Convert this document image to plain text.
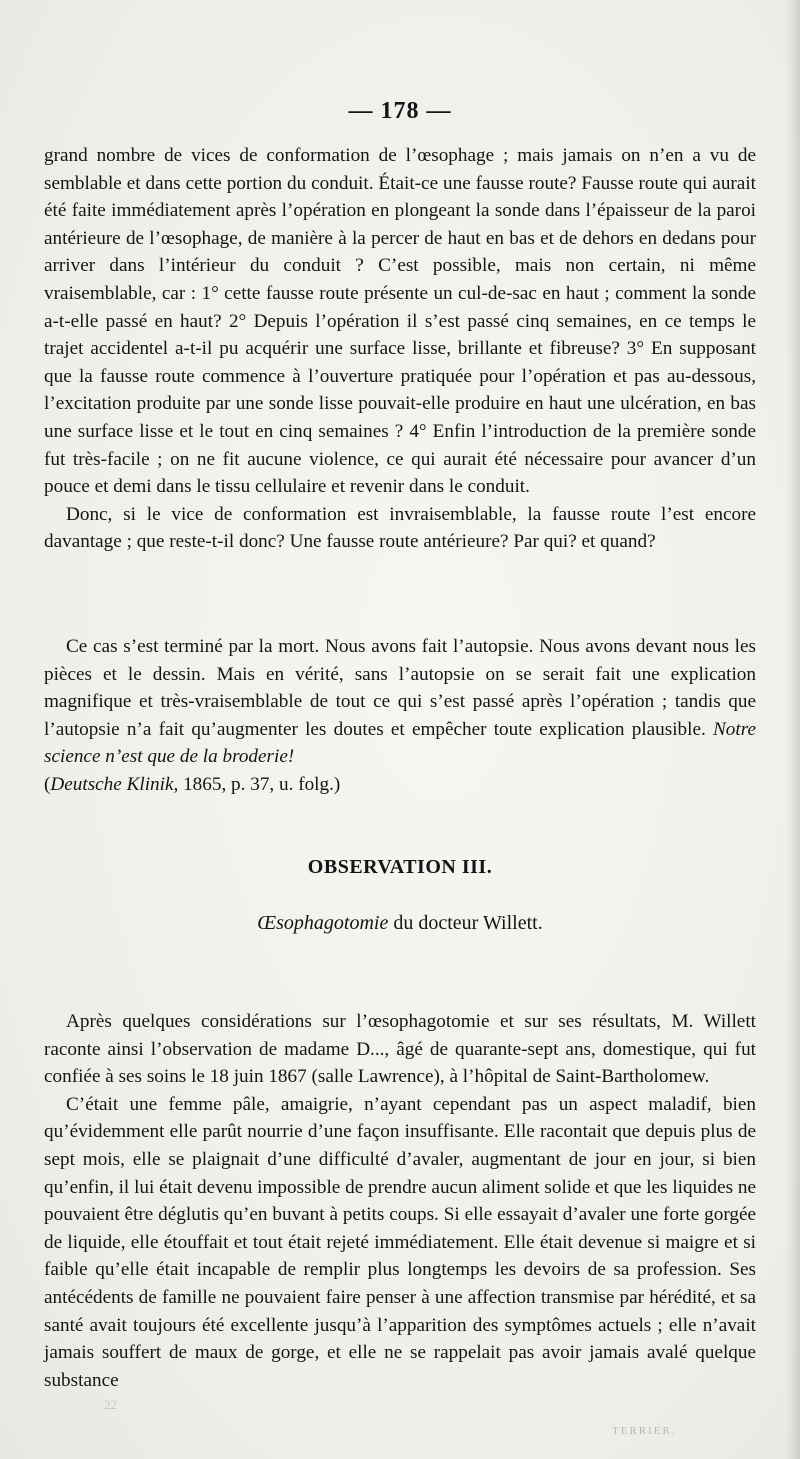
— 178 —

grand nombre de vices de conformation de l’œsophage ; mais jamais on n’en a vu de semblable et dans cette portion du conduit. Était-ce une fausse route? Fausse route qui aurait été faite immédiatement après l’opération en plongeant la sonde dans l’épaisseur de la paroi antérieure de l’œsophage, de manière à la percer de haut en bas et de dehors en dedans pour arriver dans l’intérieur du conduit ? C’est possible, mais non certain, ni même vraisemblable, car : 1° cette fausse route présente un cul-de-sac en haut ; comment la sonde a-t-elle passé en haut? 2° Depuis l’opération il s’est passé cinq semaines, en ce temps le trajet accidentel a-t-il pu acquérir une surface lisse, brillante et fibreuse? 3° En supposant que la fausse route commence à l’ouverture pratiquée pour l’opération et pas au-dessous, l’excitation produite par une sonde lisse pouvait-elle produire en haut une ulcération, en bas une surface lisse et le tout en cinq semaines ? 4° Enfin l’introduction de la première sonde fut très-facile ; on ne fit aucune violence, ce qui aurait été nécessaire pour avancer d’un pouce et demi dans le tissu cellulaire et revenir dans le conduit.

Donc, si le vice de conformation est invraisemblable, la fausse route l’est encore davantage ; que reste-t-il donc? Une fausse route antérieure? Par qui? et quand?

Ce cas s’est terminé par la mort. Nous avons fait l’autopsie. Nous avons devant nous les pièces et le dessin. Mais en vérité, sans l’autopsie on se serait fait une explication magnifique et très-vraisemblable de tout ce qui s’est passé après l’opération ; tandis que l’autopsie n’a fait qu’augmenter les doutes et empêcher toute explication plausible. Notre science n’est que de la broderie!
(Deutsche Klinik, 1865, p. 37, u. folg.)

OBSERVATION III.
Œsophagotomie du docteur Willett.

Après quelques considérations sur l’œsophagotomie et sur ses résultats, M. Willett raconte ainsi l’observation de madame D..., âgé de quarante-sept ans, domestique, qui fut confiée à ses soins le 18 juin 1867 (salle Lawrence), à l’hôpital de Saint-Bartholomew.

C’était une femme pâle, amaigrie, n’ayant cependant pas un aspect maladif, bien qu’évidemment elle parût nourrie d’une façon insuffisante. Elle racontait que depuis plus de sept mois, elle se plaignait d’une difficulté d’avaler, augmentant de jour en jour, si bien qu’enfin, il lui était devenu impossible de prendre aucun aliment solide et que les liquides ne pouvaient être déglutis qu’en buvant à petits coups. Si elle essayait d’avaler une forte gorgée de liquide, elle étouffait et tout était rejeté immédiatement. Elle était devenue si maigre et si faible qu’elle était incapable de remplir plus longtemps les devoirs de sa profession. Ses antécédents de famille ne pouvaient faire penser à une affection transmise par hérédité, et sa santé avait toujours été excellente jusqu’à l’apparition des symptômes actuels ; elle n’avait jamais souffert de maux de gorge, et elle ne se rappelait pas avoir jamais avalé quelque substance

22
TERRIER.
